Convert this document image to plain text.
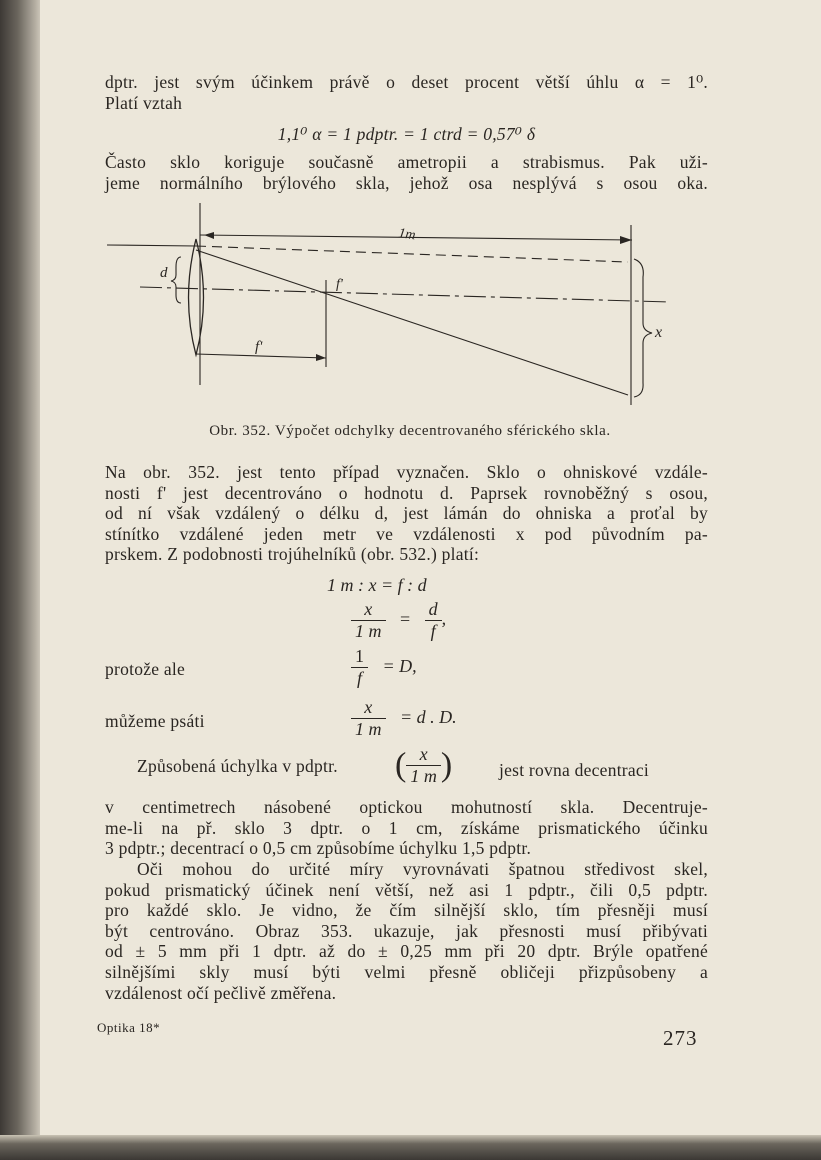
dptr. jest svým účinkem právě o deset procent větší úhlu α = 1⁰.
Platí vztah
1,1⁰ α = 1 pdptr. = 1 ctrd = 0,57⁰ δ
Často sklo koriguje současně ametropii a strabismus. Pak uži-
jeme normálního brýlového skla, jehož osa nesplývá s osou oka.
1m
d
f'
f'
x
Obr. 352. Výpočet odchylky decentrovaného sférického skla.
Na obr. 352. jest tento případ vyznačen. Sklo o ohniskové vzdále-
nosti f' jest decentrováno o hodnotu d. Paprsek rovnoběžný s osou,
od ní však vzdálený o délku d, jest lámán do ohniska a proťal by
stínítko vzdálené jeden metr ve vzdálenosti x pod původním pa-
prskem. Z podobnosti trojúhelníků (obr. 532.) platí:
1 m : x = f : d
$\frac{x}{1 m} = \frac{d}{f}$ ,
protože ale	$\frac{1}{f} = D$,
můžeme psáti	$\frac{x}{1 m} = d$ . D.
Způsobená úchylka v pdptr. ( $\frac{x}{1 m}$ )	jest rovna decentraci
v centimetrech násobené optickou mohutností skla. Decentruje-
me-li na př. sklo 3 dptr. o 1 cm, získáme prismatického účinku
3 pdptr.; decentrací o 0,5 cm způsobíme úchylku 1,5 pdptr.
Oči mohou do určité míry vyrovnávati špatnou středivost skel,
pokud prismatický účinek není větší, než asi 1 pdptr., čili 0,5 pdptr.
pro každé sklo. Je vidno, že čím silnější sklo, tím přesněji musí
být centrováno. Obraz 353. ukazuje, jak přesnosti musí přibývati
od ± 5 mm při 1 dptr. až do ± 0,25 mm při 20 dptr. Brýle opatřené
silnějšími skly musí býti velmi přesně obličeji přizpůsobeny a
vzdálenost očí pečlivě změřena.
Optika 18*	273
